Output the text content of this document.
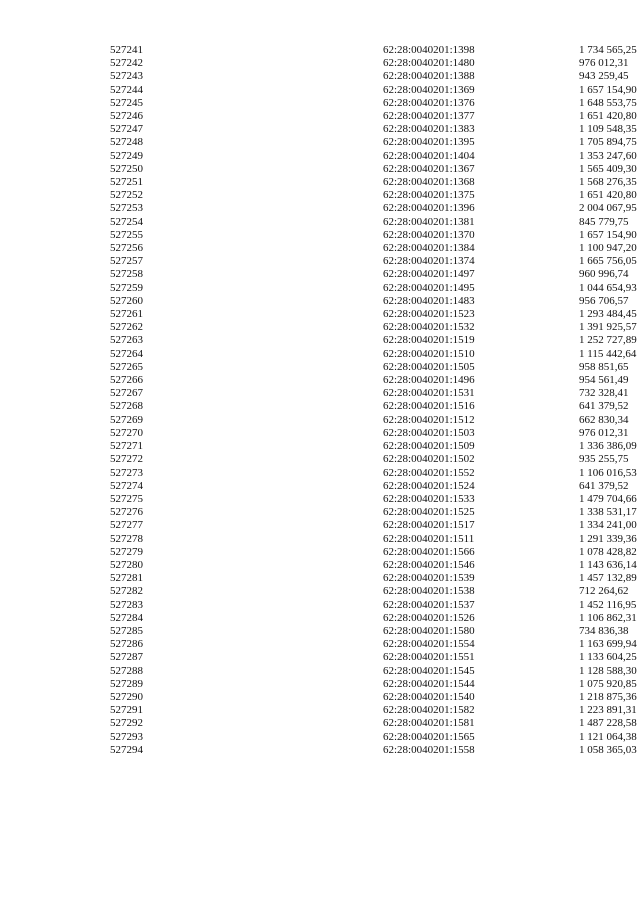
527241	62:28:0040201:1398	1 734 565,25
527242	62:28:0040201:1480	976 012,31
527243	62:28:0040201:1388	943 259,45
527244	62:28:0040201:1369	1 657 154,90
527245	62:28:0040201:1376	1 648 553,75
527246	62:28:0040201:1377	1 651 420,80
527247	62:28:0040201:1383	1 109 548,35
527248	62:28:0040201:1395	1 705 894,75
527249	62:28:0040201:1404	1 353 247,60
527250	62:28:0040201:1367	1 565 409,30
527251	62:28:0040201:1368	1 568 276,35
527252	62:28:0040201:1375	1 651 420,80
527253	62:28:0040201:1396	2 004 067,95
527254	62:28:0040201:1381	845 779,75
527255	62:28:0040201:1370	1 657 154,90
527256	62:28:0040201:1384	1 100 947,20
527257	62:28:0040201:1374	1 665 756,05
527258	62:28:0040201:1497	960 996,74
527259	62:28:0040201:1495	1 044 654,93
527260	62:28:0040201:1483	956 706,57
527261	62:28:0040201:1523	1 293 484,45
527262	62:28:0040201:1532	1 391 925,57
527263	62:28:0040201:1519	1 252 727,89
527264	62:28:0040201:1510	1 115 442,64
527265	62:28:0040201:1505	958 851,65
527266	62:28:0040201:1496	954 561,49
527267	62:28:0040201:1531	732 328,41
527268	62:28:0040201:1516	641 379,52
527269	62:28:0040201:1512	662 830,34
527270	62:28:0040201:1503	976 012,31
527271	62:28:0040201:1509	1 336 386,09
527272	62:28:0040201:1502	935 255,75
527273	62:28:0040201:1552	1 106 016,53
527274	62:28:0040201:1524	641 379,52
527275	62:28:0040201:1533	1 479 704,66
527276	62:28:0040201:1525	1 338 531,17
527277	62:28:0040201:1517	1 334 241,00
527278	62:28:0040201:1511	1 291 339,36
527279	62:28:0040201:1566	1 078 428,82
527280	62:28:0040201:1546	1 143 636,14
527281	62:28:0040201:1539	1 457 132,89
527282	62:28:0040201:1538	712 264,62
527283	62:28:0040201:1537	1 452 116,95
527284	62:28:0040201:1526	1 106 862,31
527285	62:28:0040201:1580	734 836,38
527286	62:28:0040201:1554	1 163 699,94
527287	62:28:0040201:1551	1 133 604,25
527288	62:28:0040201:1545	1 128 588,30
527289	62:28:0040201:1544	1 075 920,85
527290	62:28:0040201:1540	1 218 875,36
527291	62:28:0040201:1582	1 223 891,31
527292	62:28:0040201:1581	1 487 228,58
527293	62:28:0040201:1565	1 121 064,38
527294	62:28:0040201:1558	1 058 365,03
